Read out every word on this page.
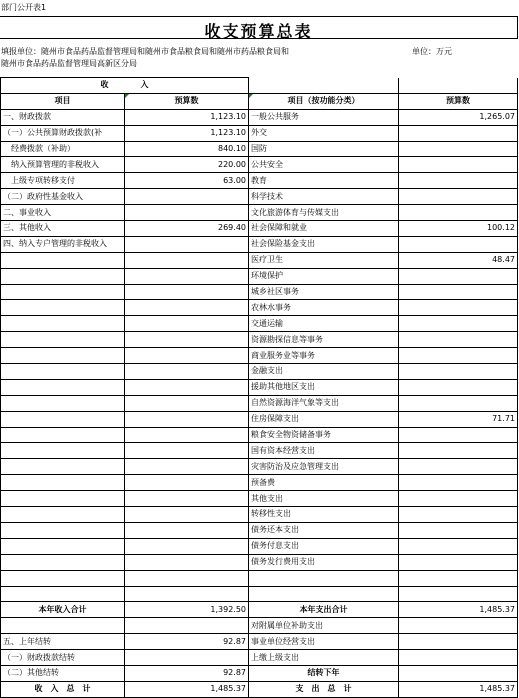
部门公开表1
收支预算总表
填报单位：随州市食品药品监督管理局和随州市食品粮食局和随州市药品粮食局和
随州市食品药品监督管理局高新区分局
单位：万元
收　　　　入			
项目	预算数	项目（按功能分类）	预算数
一、财政拨款	1,123.10	一般公共服务	1,265.07
（一）公共预算财政拨款(补	1,123.10	外交	
　经费拨款（补助）	840.10	国防	
　纳入预算管理的非税收入	220.00	公共安全	
　上级专项转移支付	63.00	教育	
（二）政府性基金收入		科学技术	
二、事业收入		文化旅游体育与传媒支出	
三、其他收入	269.40	社会保障和就业	100.12
四、纳入专户管理的非税收入		社会保险基金支出	
		医疗卫生	48.47
		环境保护	
		城乡社区事务	
		农林水事务	
		交通运输	
		资源勘探信息等事务	
		商业服务业等事务	
		金融支出	
		援助其他地区支出	
		自然资源海洋气象等支出	
		住房保障支出	71.71
		粮食安全物资储备事务	
		国有资本经营支出	
		灾害防治及应急管理支出	
		预备费	
		其他支出	
		转移性支出	
		债务还本支出	
		债务付息支出	
		债务发行费用支出	

本年收入合计	1,392.50	本年支出合计	1,485.37
		对附属单位补助支出	
五、上年结转	92.87	事业单位经营支出	
（一）财政拨款结转		上缴上级支出	
（二）其他结转	92.87	结转下年	
收　入　总　计	1,485.37	支　出　总　计	1,485.37
